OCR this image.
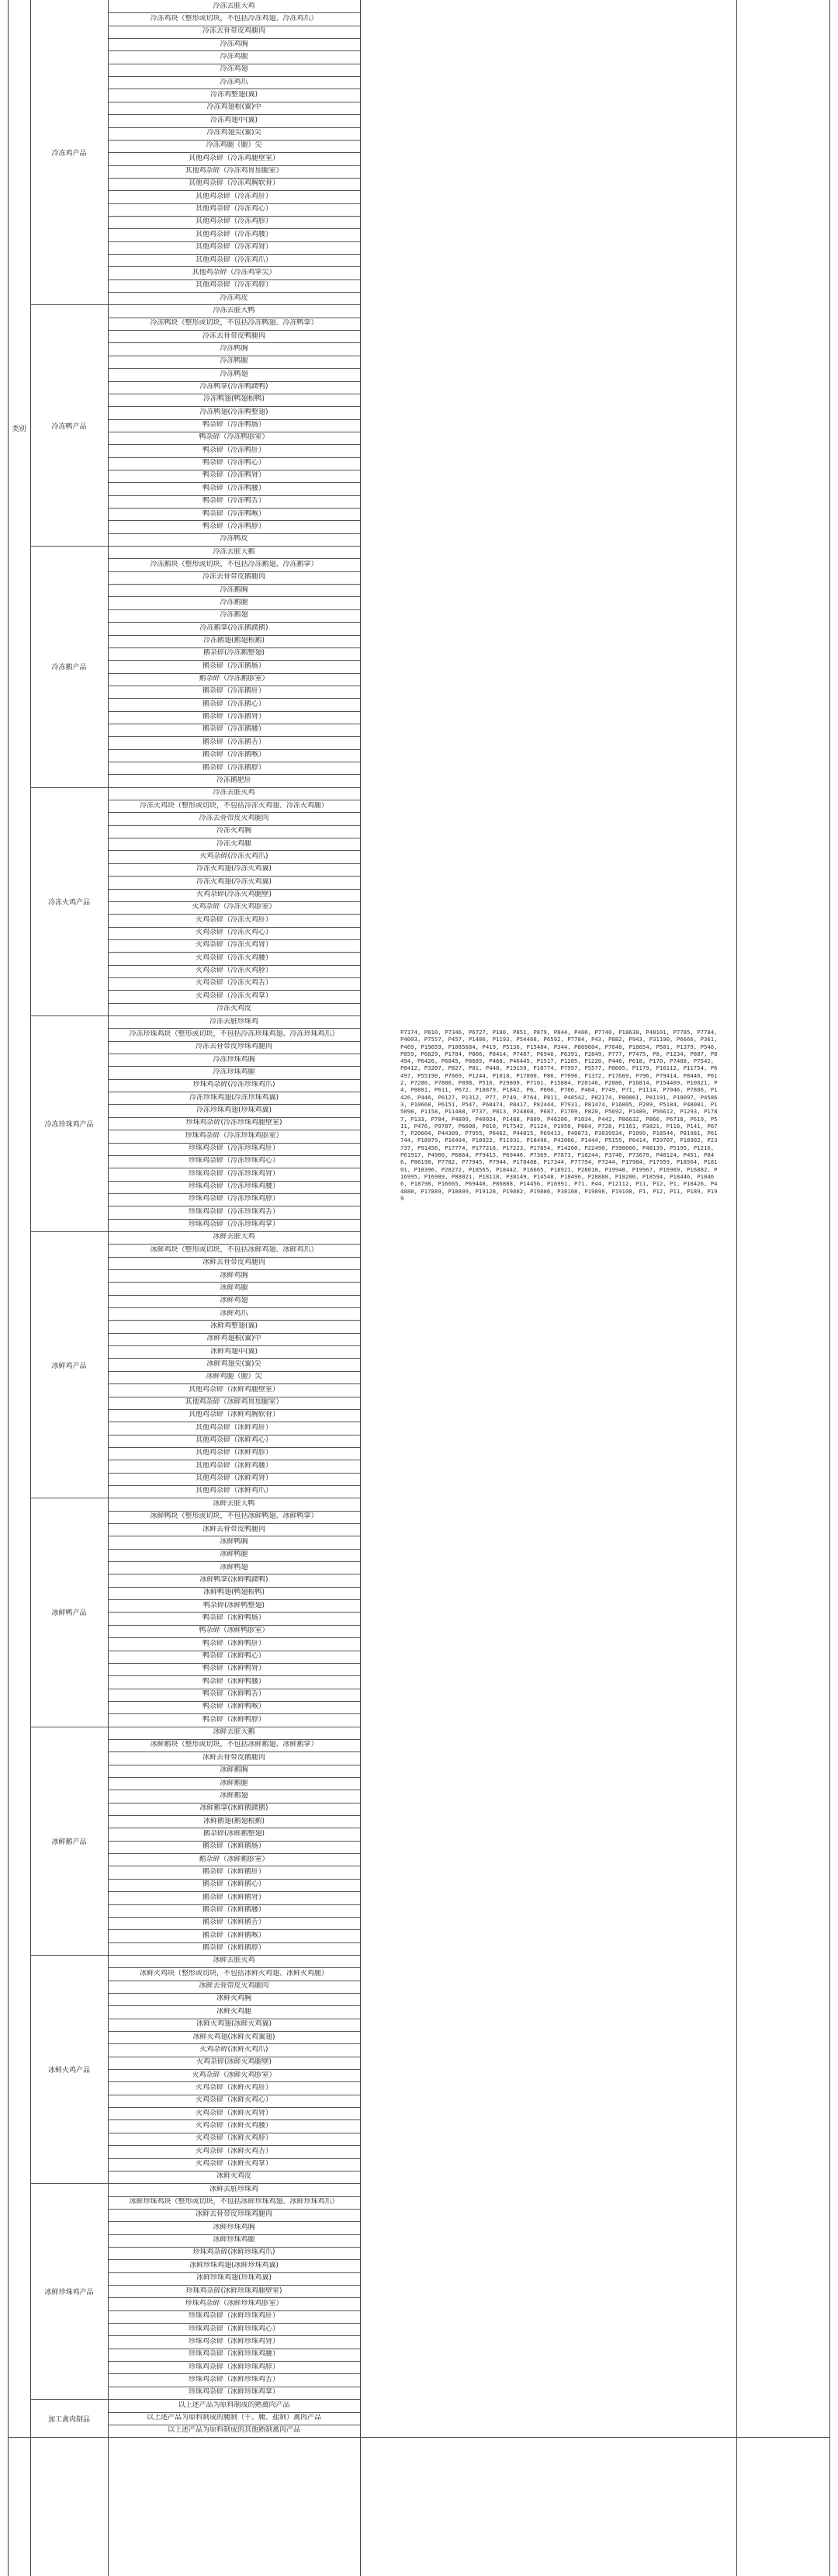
冷冻去脏大鸡
冷冻鸡块（整形或切块，不包括冷冻鸡翅、冷冻鸡爪）
冷冻去骨带皮鸡腿肉
冷冻鸡胸
冷冻鸡腿
冷冻鸡翅
冷冻鸡爪
冷冻鸡整翅(翼)
冷冻鸡翅根(翼)中
冷冻鸡翅中(翼)
冷冻鸡翅尖(翼)尖
冷冻鸡腿（腿）尖
其他鸡杂碎（冷冻鸡腿壁室）
其他鸡杂碎（冷冻鸡胃加腿室）
其他鸡杂碎（冷冻鸡胸软骨）
其他鸡杂碎（冷冻鸡肝）
其他鸡杂碎（冷冻鸡心）
其他鸡杂碎（冷冻鸡胗）
其他鸡杂碎（冷冻鸡腰）
其他鸡杂碎（冷冻鸡肾）
其他鸡杂碎（冷冻鸡爪）
其他鸡杂碎（冷冻鸡掌尖）
其他鸡杂碎（冷冻鸡脖）
冷冻鸡皮
冷冻鸡产品
冷冻去脏大鸭
冷冻鸭块（整形或切块，不包括冷冻鸭翅、冷冻鸭掌）
冷冻去骨带皮鸭腿肉
冷冻鸭胸
冷冻鸭腿
冷冻鸭翅
冷冻鸭掌(冷冻鸭蹼鸭)
冷冻鸭翅(鸭翅根鸭)
冷冻鸭翅(冷冻鸭整翅)
鸭杂碎（冷冻鸭肠）
鸭杂碎（冷冻鸭胗室）
鸭杂碎（冷冻鸭肝）
鸭杂碎（冷冻鸭心）
鸭杂碎（冷冻鸭肾）
鸭杂碎（冷冻鸭腰）
鸭杂碎（冷冻鸭舌）
鸭杂碎（冷冻鸭喉）
鸭杂碎（冷冻鸭脖）
冷冻鸭皮
冷冻鸭产品
冷冻去脏大鹅
冷冻鹅块（整形或切块，不包括冷冻鹅翅、冷冻鹅掌）
冷冻去骨带皮鹅腿肉
冷冻鹅胸
冷冻鹅腿
冷冻鹅翅
冷冻鹅掌(冷冻鹅蹼鹅)
冷冻鹅翅(鹅翅根鹅)
鹅杂碎(冷冻鹅整翅)
鹅杂碎（冷冻鹅肠）
鹅杂碎（冷冻鹅胗室）
鹅杂碎（冷冻鹅肝）
鹅杂碎（冷冻鹅心）
鹅杂碎（冷冻鹅肾）
鹅杂碎（冷冻鹅腰）
鹅杂碎（冷冻鹅舌）
鹅杂碎（冷冻鹅喉）
鹅杂碎（冷冻鹅脖）
冷冻鹅肥肝
冷冻鹅产品
冷冻去脏火鸡
冷冻火鸡块（整形或切块，不包括冷冻火鸡翅、冷冻火鸡腿）
冷冻去骨带皮火鸡腿肉
冷冻火鸡胸
冷冻火鸡腿
火鸡杂碎(冷冻火鸡爪)
冷冻火鸡翅(冷冻火鸡翼)
冷冻火鸡翅(冷冻火鸡翼)
火鸡杂碎(冷冻火鸡腿壁)
火鸡杂碎（冷冻火鸡胗室）
火鸡杂碎（冷冻火鸡肝）
火鸡杂碎（冷冻火鸡心）
火鸡杂碎（冷冻火鸡肾）
火鸡杂碎（冷冻火鸡腰）
火鸡杂碎（冷冻火鸡脖）
火鸡杂碎（冷冻火鸡舌）
火鸡杂碎（冷冻火鸡掌）
冷冻火鸡皮
冷冻火鸡产品
冷冻去脏珍珠鸡
冷冻珍珠鸡块（整形或切块，不包括冷冻珍珠鸡翅、冷冻珍珠鸡爪）
冷冻去骨带皮珍珠鸡腿肉
冷冻珍珠鸡胸
冷冻珍珠鸡腿
珍珠鸡杂碎(冷冻珍珠鸡爪)
冷冻珍珠鸡翅(冷冻珍珠鸡翼)
冷冻珍珠鸡翅(珍珠鸡翼)
珍珠鸡杂碎(冷冻珍珠鸡腿壁室)
珍珠鸡杂碎（冷冻珍珠鸡胗室）
珍珠鸡杂碎（冷冻珍珠鸡肝）
珍珠鸡杂碎（冷冻珍珠鸡心）
珍珠鸡杂碎（冷冻珍珠鸡肾）
珍珠鸡杂碎（冷冻珍珠鸡腰）
珍珠鸡杂碎（冷冻珍珠鸡脖）
珍珠鸡杂碎（冷冻珍珠鸡舌）
珍珠鸡杂碎（冷冻珍珠鸡掌）
冷冻珍珠鸡产品
冰鲜去脏大鸡
冰鲜鸡块（整形或切块，不包括冰鲜鸡翅、冰鲜鸡爪）
冰鲜去骨带皮鸡腿肉
冰鲜鸡胸
冰鲜鸡腿
冰鲜鸡翅
冰鲜鸡爪
冰鲜鸡整翅(翼)
冰鲜鸡翅根(翼)中
冰鲜鸡翅中(翼)
冰鲜鸡翅尖(翼)尖
冰鲜鸡腿（腿）尖
其他鸡杂碎（冰鲜鸡腿壁室）
其他鸡杂碎（冰鲜鸡胃加腿室）
其他鸡杂碎（冰鲜鸡胸软骨）
其他鸡杂碎（冰鲜鸡肝）
其他鸡杂碎（冰鲜鸡心）
其他鸡杂碎（冰鲜鸡胗）
其他鸡杂碎（冰鲜鸡腰）
其他鸡杂碎（冰鲜鸡肾）
其他鸡杂碎（冰鲜鸡爪）
冰鲜鸡产品
冰鲜去脏大鸭
冰鲜鸭块（整形或切块，不包括冰鲜鸭翅、冰鲜鸭掌）
冰鲜去骨带皮鸭腿肉
冰鲜鸭胸
冰鲜鸭腿
冰鲜鸭翅
冰鲜鸭掌(冰鲜鸭蹼鸭)
冰鲜鸭翅(鸭翅根鸭)
鸭杂碎(冰鲜鸭整翅)
鸭杂碎（冰鲜鸭肠）
鸭杂碎（冰鲜鸭胗室）
鸭杂碎（冰鲜鸭肝）
鸭杂碎（冰鲜鸭心）
鸭杂碎（冰鲜鸭肾）
鸭杂碎（冰鲜鸭腰）
鸭杂碎（冰鲜鸭舌）
鸭杂碎（冰鲜鸭喉）
鸭杂碎（冰鲜鸭脖）
冰鲜鸭产品
冰鲜去脏大鹅
冰鲜鹅块（整形或切块，不包括冰鲜鹅翅、冰鲜鹅掌）
冰鲜去骨带皮鹅腿肉
冰鲜鹅胸
冰鲜鹅腿
冰鲜鹅翅
冰鲜鹅掌(冰鲜鹅蹼鹅)
冰鲜鹅翅(鹅翅根鹅)
鹅杂碎(冰鲜鹅整翅)
鹅杂碎（冰鲜鹅肠）
鹅杂碎（冰鲜鹅胗室）
鹅杂碎（冰鲜鹅肝）
鹅杂碎（冰鲜鹅心）
鹅杂碎（冰鲜鹅肾）
鹅杂碎（冰鲜鹅腰）
鹅杂碎（冰鲜鹅舌）
鹅杂碎（冰鲜鹅喉）
鹅杂碎（冰鲜鹅脖）
冰鲜鹅产品
冰鲜去脏火鸡
冰鲜火鸡块（整形或切块，不包括冰鲜火鸡翅、冰鲜火鸡腿）
冰鲜去骨带皮火鸡腿肉
冰鲜火鸡胸
冰鲜火鸡腿
冰鲜火鸡翅(冰鲜火鸡翼)
冰鲜火鸡翅(冰鲜火鸡翼翅)
火鸡杂碎(冰鲜火鸡爪)
火鸡杂碎(冰鲜火鸡腿壁)
火鸡杂碎（冰鲜火鸡胗室）
火鸡杂碎（冰鲜火鸡肝）
火鸡杂碎（冰鲜火鸡心）
火鸡杂碎（冰鲜火鸡肾）
火鸡杂碎（冰鲜火鸡腰）
火鸡杂碎（冰鲜火鸡脖）
火鸡杂碎（冰鲜火鸡舌）
火鸡杂碎（冰鲜火鸡掌）
冰鲜火鸡皮
冰鲜火鸡产品
冰鲜去脏珍珠鸡
冰鲜珍珠鸡块（整形或切块，不包括冰鲜珍珠鸡翅、冰鲜珍珠鸡爪）
冰鲜去骨带皮珍珠鸡腿肉
冰鲜珍珠鸡胸
冰鲜珍珠鸡腿
珍珠鸡杂碎(冰鲜珍珠鸡爪)
冰鲜珍珠鸡翅(冰鲜珍珠鸡翼)
冰鲜珍珠鸡翅(珍珠鸡翼)
珍珠鸡杂碎(冰鲜珍珠鸡腿壁室)
珍珠鸡杂碎（冰鲜珍珠鸡胗室）
珍珠鸡杂碎（冰鲜珍珠鸡肝）
珍珠鸡杂碎（冰鲜珍珠鸡心）
珍珠鸡杂碎（冰鲜珍珠鸡肾）
珍珠鸡杂碎（冰鲜珍珠鸡腰）
珍珠鸡杂碎（冰鲜珍珠鸡脖）
珍珠鸡杂碎（冰鲜珍珠鸡舌）
珍珠鸡杂碎（冰鲜珍珠鸡掌）
冰鲜珍珠鸡产品
以上述产品为原料制成的熟禽肉产品
以上述产品为原料制成的腌制（干、腌、盐制）禽肉产品
以上述产品为原料制成的其他熟制禽肉产品
加工禽肉制品
类别
P7174, P810, P7346, P6727, P180, P851, P879, P844, P406, P7740, P18638, P48101, P7785, P7784, P4003, P7557, P457, P1486, P1193, P54468, P6592, P7784, P43, P882, P943, P31190, P6666, P361, P469, P19659, P1085684, P419, P5136, P15484, P344, P869604, P7648, P18654, P501, P1379, P546, P859, P6829, P1784, P806, P8414, P7487, P6946, P6391, P2849, P777, P7475, P8, P1234, P887, P8494, P6426, P6845, P8685, P468, P46445, P1517, P1205, P1220, P446, P618, P170, P7488, P7542, P8412, P3207, P827, P81, P448, P19159, P18774, P7997, P5577, P8605, P1179, P16112, P11754, P6497, P55190, P7669, P1244, P1018, P17800, P86, P7096, P1372, P17609, P796, P79414, P8446, P612, P7286, P7886, P898, P516, P29809, P7101, P15884, P20146, P2886, P16814, P154469, P10021, P4, P8881, P611, P672, P18879, P1842, P6, P806, P786, P464, P749, P71, P1114, P7046, P7886, P1426, P446, P6127, P1312, P77, P749, P764, P811, P40542, P82174, P80061, P81191, P10097, P45863, P10668, P6151, P547, P68474, P8417, P82444, P7931, P81474, P16805, P209, P5184, P48081, P15098, P1158, P11488, P737, P813, P24868, P687, P1709, P820, P5692, P1489, P56612, P1293, P1787, P133, P784, P4809, P40024, P1488, P809, P46206, P1034, P442, P86632, P866, P6718, P619, P511, P476, P9787, P6600, P810, P17542, P1124, P1950, P864, P728, P1161, P3821, P118, P141, P677, P20604, P44309, P7955, P6462, P44815, P69413, P40873, P3039934, P1099, P18544, P81981, P61744, P18979, P16494, P18922, P11931, P18496, P42066, P1444, P5155, P6414, P29707, P18902, P23737, P91456, P17774, P177216, P17223, P17854, P14200, P22490, P398666, P48139, P5195, P1216, P61917, P4900, P6864, P79415, P69446, P7369, P7873, P18244, P3746, P73670, P40124, P451, P846, P86198, P7782, P77945, P7944, P178408, P17344, P77794, P7244, P17984, P17959, P18564, P18101, P18396, P28272, P18565, P18442, P16665, P18921, P28018, P19948, P19967, P16969, P16882, P16995, P16989, P88021, P18118, P38149, P14548, P18496, P28888, P18200, P18594, P18446, P18466, P18798, P16665, P69448, P86888, P14456, P16991, P71, P44, P12112, P11, P12, P1, P18426, P44888, P17889, P18809, P19128, P19882, P19886, P38108, P19898, P19108, P1, P12, P11, P189, P199
